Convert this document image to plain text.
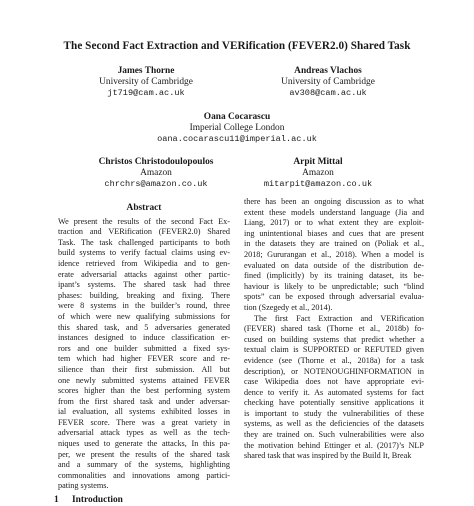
The Second Fact Extraction and VERification (FEVER2.0) Shared Task
James Thorne
University of Cambridge
jt719@cam.ac.uk
Andreas Vlachos
University of Cambridge
av308@cam.ac.uk
Oana Cocarascu
Imperial College London
oana.cocarascu11@imperial.ac.uk
Christos Christodoulopoulos
Amazon
chrchrs@amazon.co.uk
Arpit Mittal
Amazon
mitarpit@amazon.co.uk
Abstract
We present the results of the second Fact Ex-
traction and VERification (FEVER2.0) Shared
Task. The task challenged participants to both
build systems to verify factual claims using ev-
idence retrieved from Wikipedia and to gen-
erate adversarial attacks against other partic-
ipant’s systems. The shared task had three
phases: building, breaking and fixing. There
were 8 systems in the builder’s round, three
of which were new qualifying submissions for
this shared task, and 5 adversaries generated
instances designed to induce classification er-
rors and one builder submitted a fixed sys-
tem which had higher FEVER score and re-
silience than their first submission. All but
one newly submitted systems attained FEVER
scores higher than the best performing system
from the first shared task and under adversar-
ial evaluation, all systems exhibited losses in
FEVER score. There was a great variety in
adversarial attack types as well as the tech-
niques used to generate the attacks, In this pa-
per, we present the results of the shared task
and a summary of the systems, highlighting
commonalities and innovations among partici-
pating systems.
1 Introduction
there has been an ongoing discussion as to what
extent these models understand language (Jia and
Liang, 2017) or to what extent they are exploit-
ing unintentional biases and cues that are present
in the datasets they are trained on (Poliak et al.,
2018; Gururangan et al., 2018). When a model is
evaluated on data outside of the distribution de-
fined (implicitly) by its training dataset, its be-
haviour is likely to be unpredictable; such “blind
spots” can be exposed through adversarial evalua-
tion (Szegedy et al., 2014).
The first Fact Extraction and VERification
(FEVER) shared task (Thorne et al., 2018b) fo-
cused on building systems that predict whether a
textual claim is SUPPORTED or REFUTED given
evidence (see (Thorne et al., 2018a) for a task
description), or NOTENOUGHINFORMATION in
case Wikipedia does not have appropriate evi-
dence to verify it. As automated systems for fact
checking have potentially sensitive applications it
is important to study the vulnerabilities of these
systems, as well as the deficiencies of the datasets
they are trained on. Such vulnerabilities were also
the motivation behind Ettinger et al. (2017)’s NLP
shared task that was inspired by the Build It, Break
